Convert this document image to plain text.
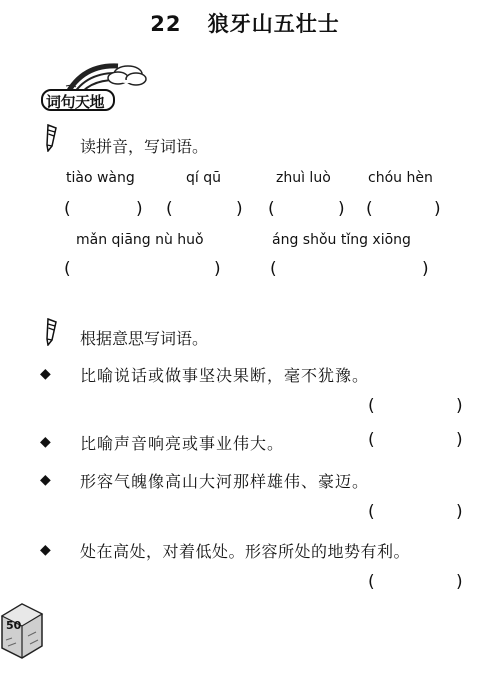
22 狼牙山五壮士
词句天地
读拼音，写词语。
tiào wàng	qí qū	zhuì luò	chóu hèn
(	) (	) (	) (	)
mǎn qiāng nù huǒ	áng shǒu tǐng xiōng
(	)	(	)
根据意思写词语。
◆ 比喻说话或做事坚决果断，毫不犹豫。
(	)
◆ 比喻声音响亮或事业伟大。	(	)
◆ 形容气魄像高山大河那样雄伟、豪迈。
(	)
◆ 处在高处，对着低处。形容所处的地势有利。
(	)
50
